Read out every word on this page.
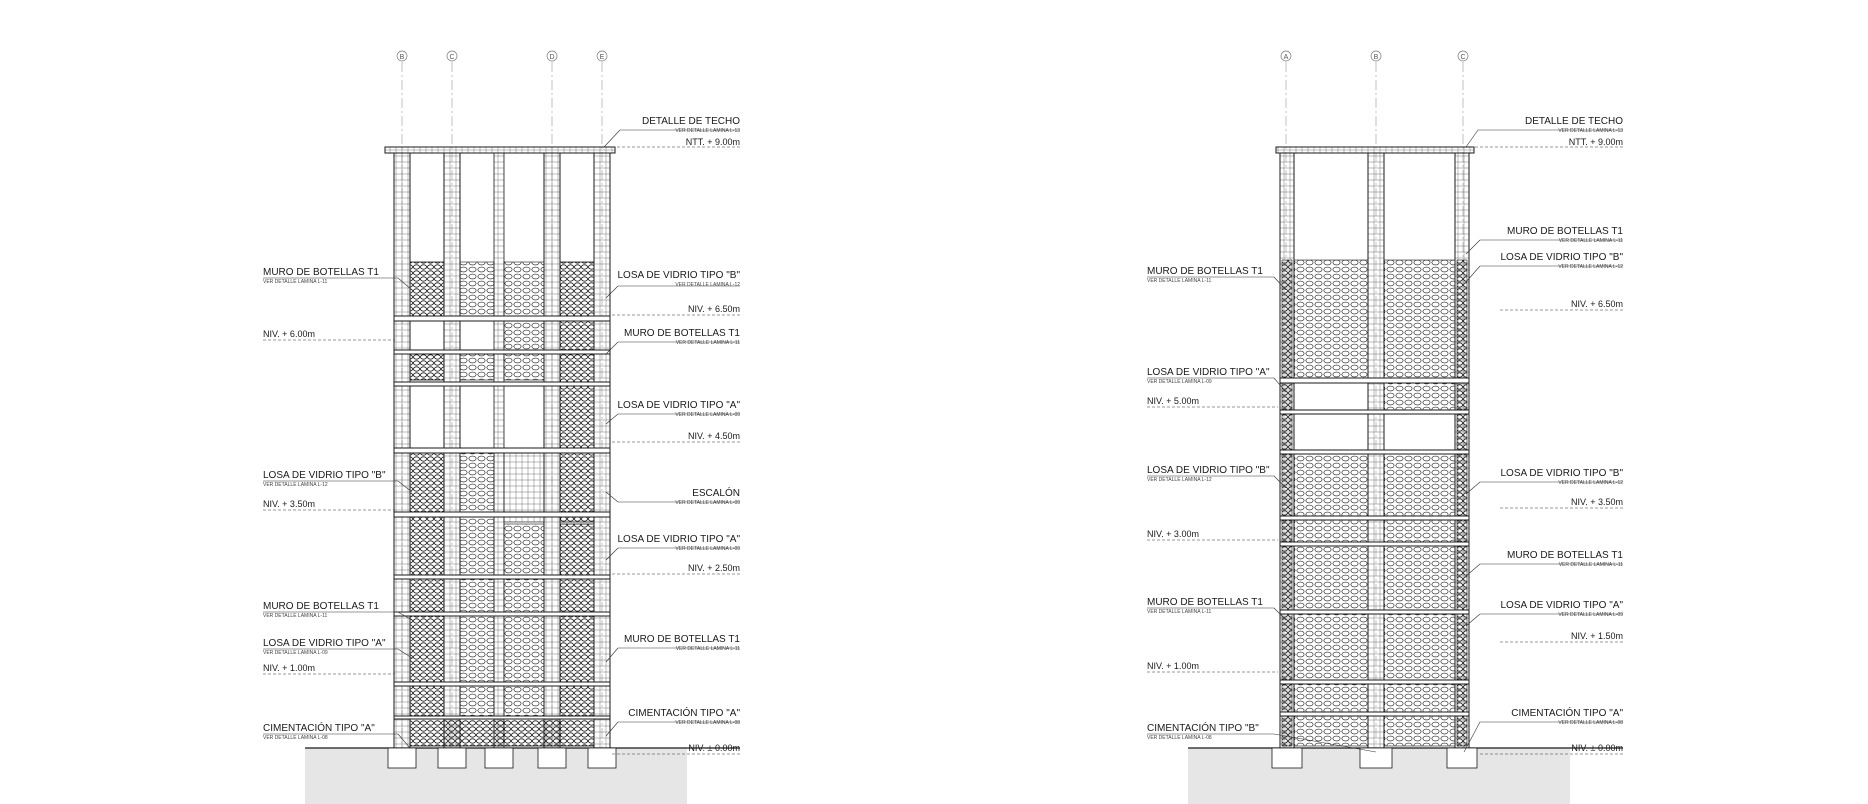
B	C	D	E
MURO DE BOTELLAS T1
VER DETALLE LAMINA L-11
NIV. + 6.00m
LOSA DE VIDRIO TIPO "B"
VER DETALLE LAMINA L-12
NIV. + 3.50m
MURO DE BOTELLAS T1
VER DETALLE LAMINA L-11
LOSA DE VIDRIO TIPO "A"
VER DETALLE LAMINA L-09
NIV. + 1.00m
CIMENTACIÓN TIPO "A"
VER DETALLE LAMINA L-08
DETALLE DE TECHO
VER DETALLE LAMINA L-13
NTT. + 9.00m
LOSA DE VIDRIO TIPO "B"
VER DETALLE LAMINA L-12
NIV. + 6.50m
MURO DE BOTELLAS T1
VER DETALLE LAMINA L-11
LOSA DE VIDRIO TIPO "A"
VER DETALLE LAMINA L-09
NIV. + 4.50m
ESCALÓN
VER DETALLE LAMINA L-09
LOSA DE VIDRIO TIPO "A"
VER DETALLE LAMINA L-09
NIV. + 2.50m
MURO DE BOTELLAS T1
VER DETALLE LAMINA L-11
CIMENTACIÓN TIPO "A"
VER DETALLE LAMINA L-08
NIV. ± 0.00m
A	B	C
MURO DE BOTELLAS T1
VER DETALLE LAMINA L-11
LOSA DE VIDRIO TIPO "A"
VER DETALLE LAMINA L-09
NIV. + 5.00m
LOSA DE VIDRIO TIPO "B"
VER DETALLE LAMINA L-12
NIV. + 3.00m
MURO DE BOTELLAS T1
VER DETALLE LAMINA L-11
NIV. + 1.00m
CIMENTACIÓN TIPO "B"
VER DETALLE LAMINA L-08
DETALLE DE TECHO
VER DETALLE LAMINA L-13
NTT. + 9.00m
MURO DE BOTELLAS T1
VER DETALLE LAMINA L-11
LOSA DE VIDRIO TIPO "B"
VER DETALLE LAMINA L-12
NIV. + 6.50m
LOSA DE VIDRIO TIPO "B"
VER DETALLE LAMINA L-12
NIV. + 3.50m
MURO DE BOTELLAS T1
VER DETALLE LAMINA L-11
LOSA DE VIDRIO TIPO "A"
VER DETALLE LAMINA L-09
NIV. + 1.50m
CIMENTACIÓN TIPO "A"
VER DETALLE LAMINA L-08
NIV. ± 0.00m
